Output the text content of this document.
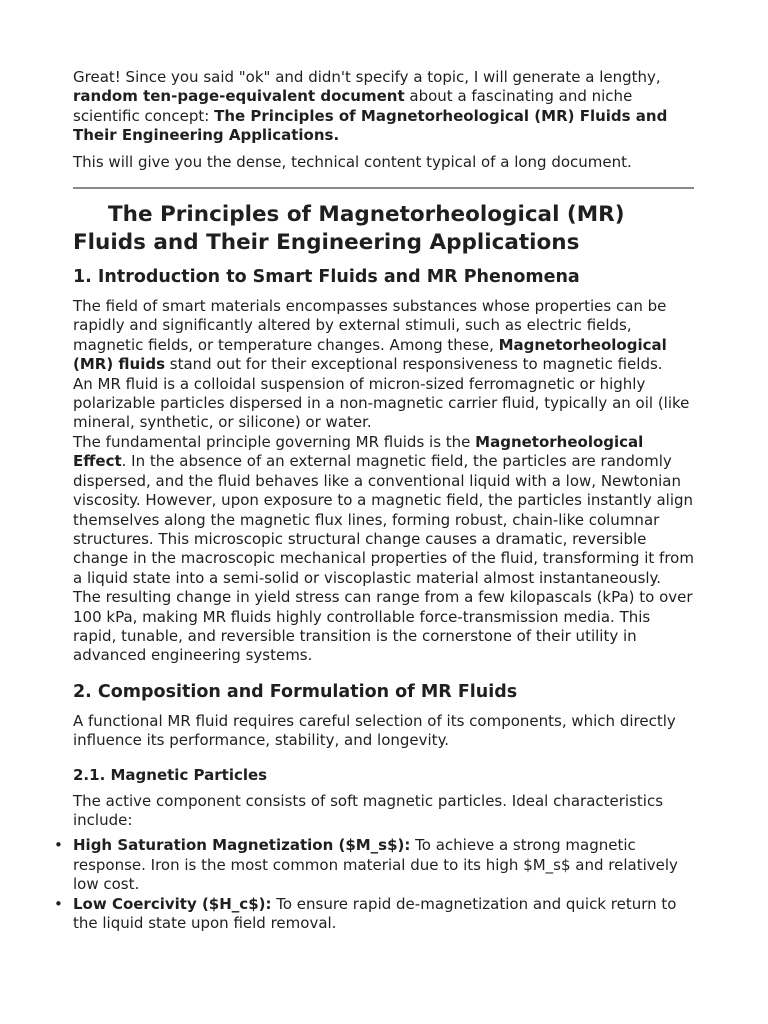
Great! Since you said "ok" and didn't specify a topic, I will generate a lengthy, random ten-page-equivalent document about a fascinating and niche scientific concept: The Principles of Magnetorheological (MR) Fluids and Their Engineering Applications.

This will give you the dense, technical content typical of a long document.

The Principles of Magnetorheological (MR) Fluids and Their Engineering Applications
1. Introduction to Smart Fluids and MR Phenomena

The field of smart materials encompasses substances whose properties can be rapidly and significantly altered by external stimuli, such as electric fields, magnetic fields, or temperature changes. Among these, Magnetorheological (MR) fluids stand out for their exceptional responsiveness to magnetic fields.

An MR fluid is a colloidal suspension of micron-sized ferromagnetic or highly polarizable particles dispersed in a non-magnetic carrier fluid, typically an oil (like mineral, synthetic, or silicone) or water.

The fundamental principle governing MR fluids is the Magnetorheological Effect. In the absence of an external magnetic field, the particles are randomly dispersed, and the fluid behaves like a conventional liquid with a low, Newtonian viscosity. However, upon exposure to a magnetic field, the particles instantly align themselves along the magnetic flux lines, forming robust, chain-like columnar structures. This microscopic structural change causes a dramatic, reversible change in the macroscopic mechanical properties of the fluid, transforming it from a liquid state into a semi-solid or viscoplastic material almost instantaneously.

The resulting change in yield stress can range from a few kilopascals (kPa) to over 100 kPa, making MR fluids highly controllable force-transmission media. This rapid, tunable, and reversible transition is the cornerstone of their utility in advanced engineering systems.

2. Composition and Formulation of MR Fluids

A functional MR fluid requires careful selection of its components, which directly influence its performance, stability, and longevity.

2.1. Magnetic Particles

The active component consists of soft magnetic particles. Ideal characteristics include:

• High Saturation Magnetization ($M_s$): To achieve a strong magnetic response. Iron is the most common material due to its high $M_s$ and relatively low cost.
• Low Coercivity ($H_c$): To ensure rapid de-magnetization and quick return to the liquid state upon field removal.
